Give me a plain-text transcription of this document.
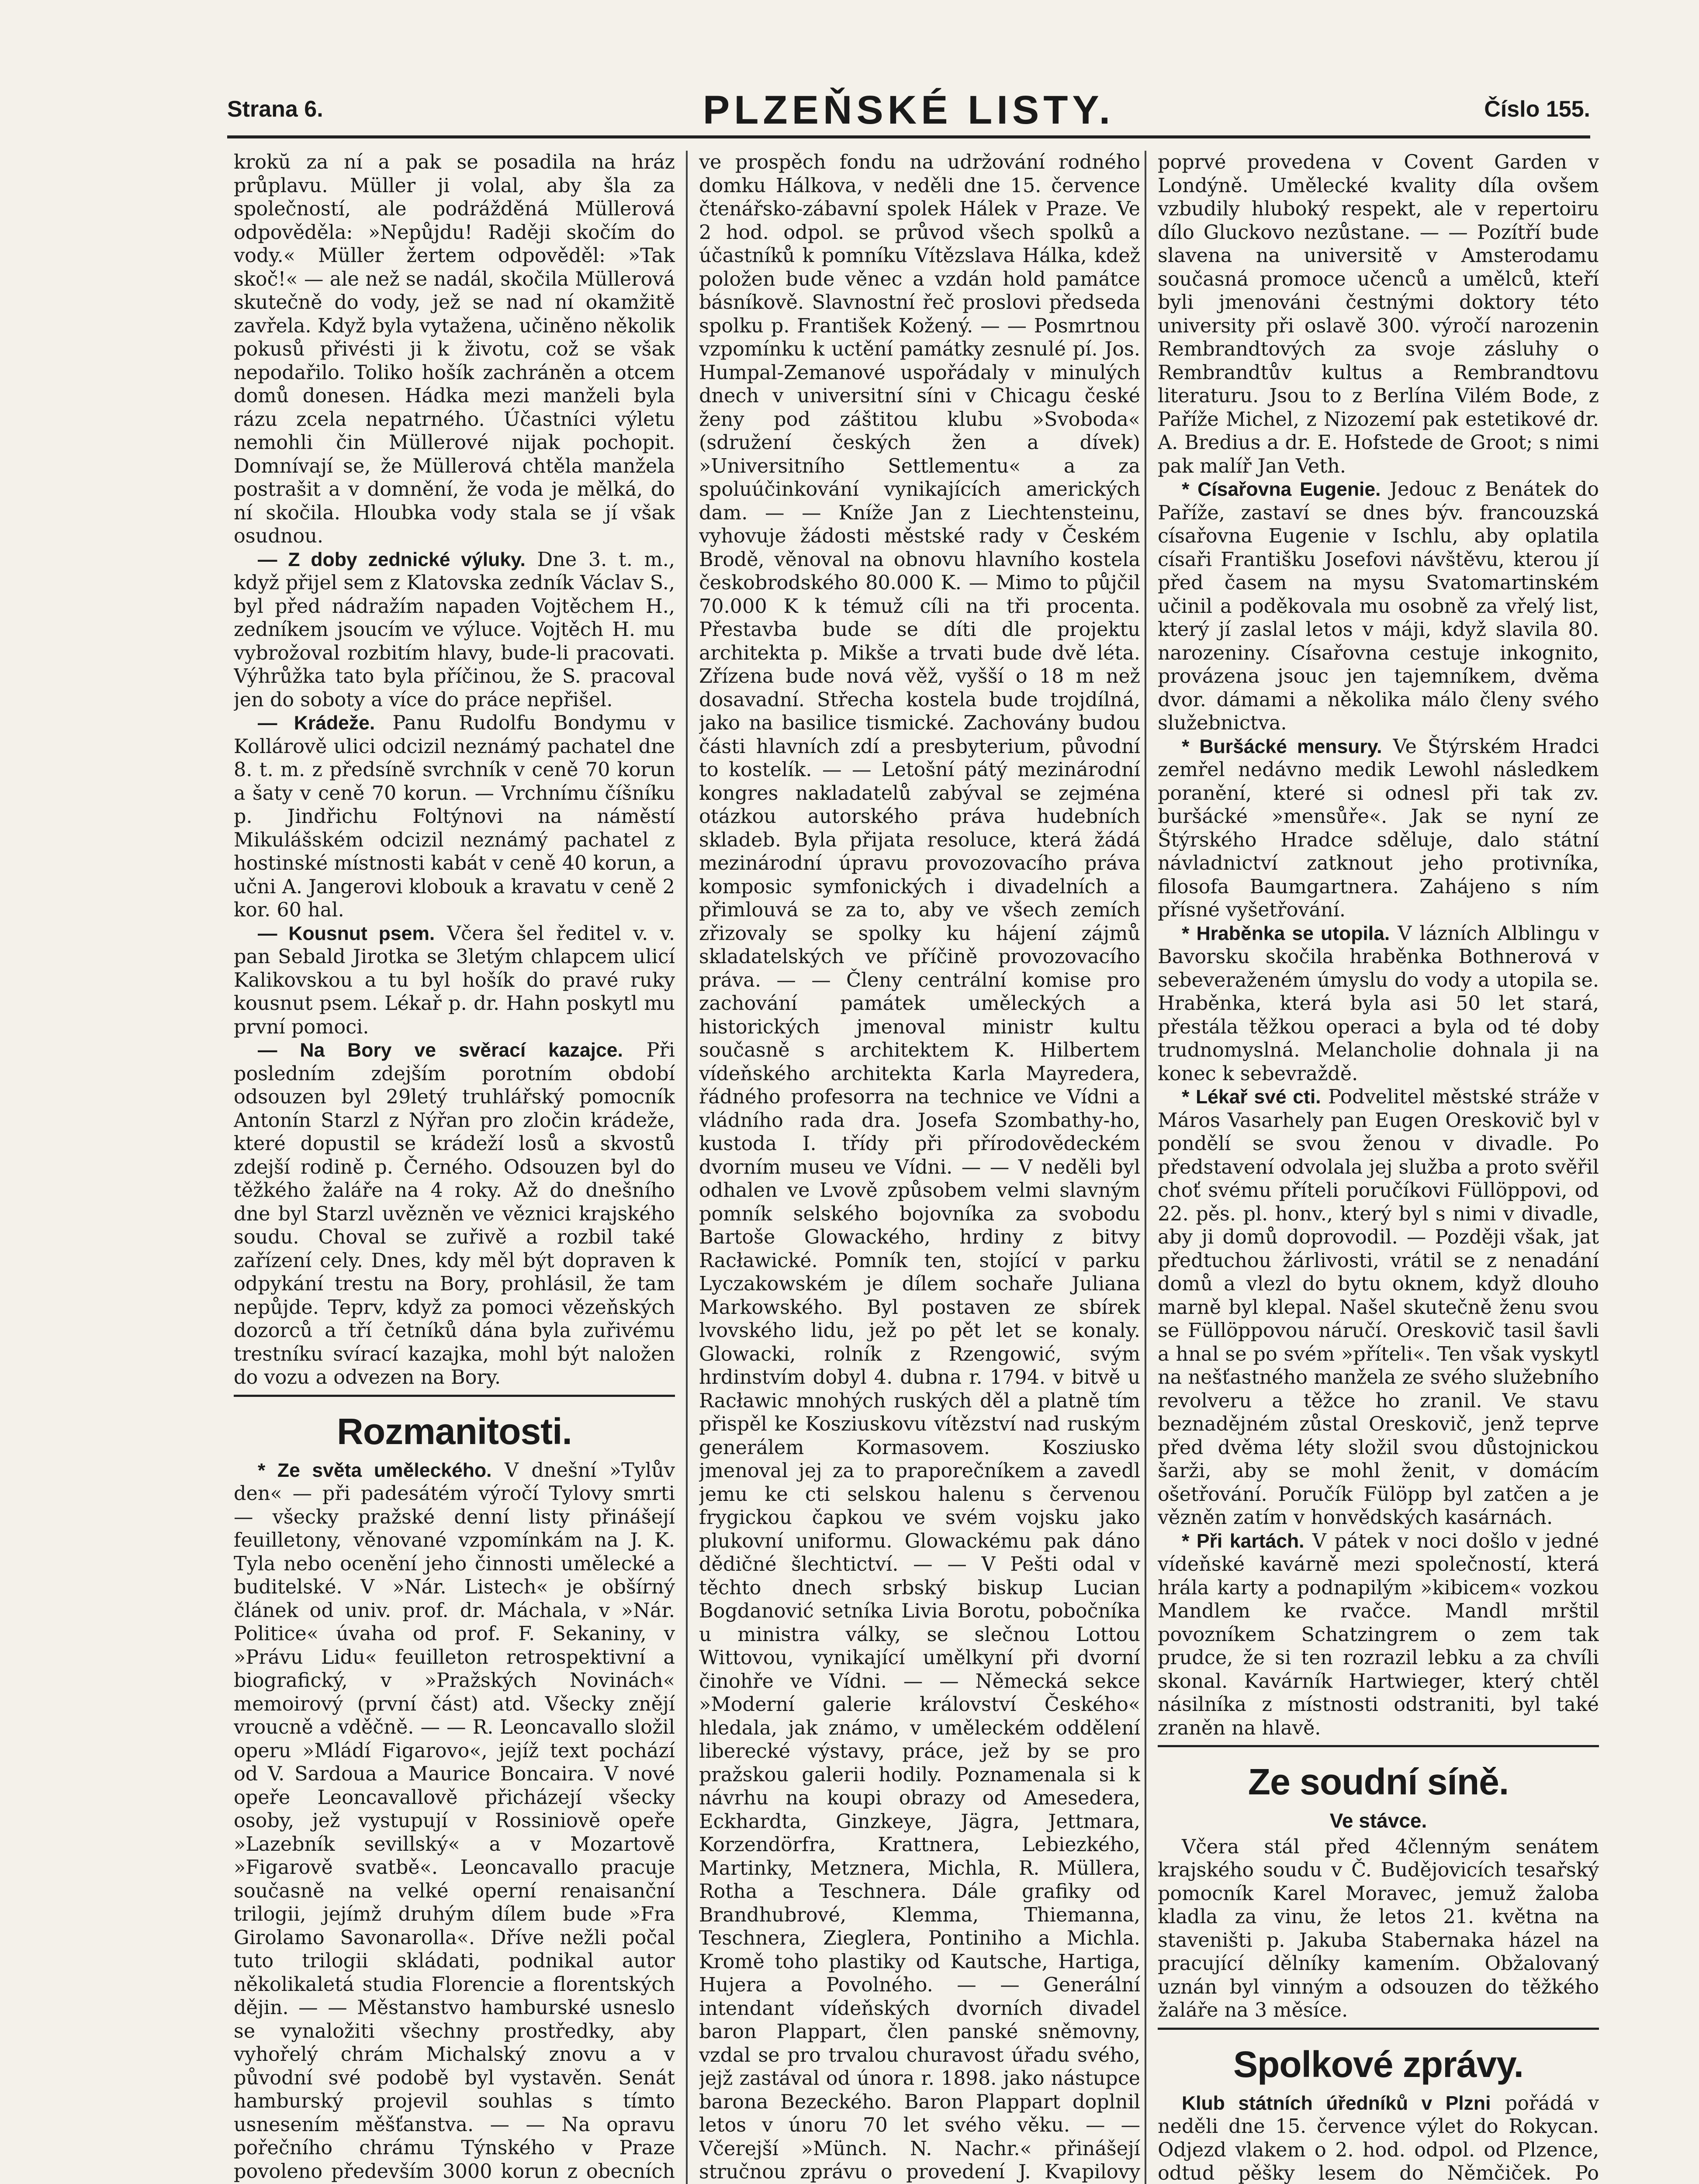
Strana 6.	PLZEŇSKÉ LISTY.	Číslo 155.

krokŭ za ní a pak se posadila na hráz průplavu. Müller ji volal, aby šla za společností, ale podrážděná Müllerová odpověděla: »Nepůjdu! Raději skočím do vody.« Müller žertem odpověděl: »Tak skoč!« — ale než se nadál, skočila Müllerová skutečně do vody, jež se nad ní okamžitě zavřela. Když byla vytažena, učiněno několik pokusů přivésti ji k životu, což se však nepodařilo. Toliko hošík zachráněn a otcem domů donesen. Hádka mezi manželi byla rázu zcela nepatrného. Účastníci výletu nemohli čin Müllerové nijak pochopit. Domnívají se, že Müllerová chtěla manžela postrašit a v domnění, že voda je mělká, do ní skočila. Hloubka vody stala se jí však osudnou.

— Z doby zednické výluky. Dne 3. t. m., když přijel sem z Klatovska zedník Václav S., byl před nádražím napaden Vojtěchem H., zedníkem jsoucím ve výluce. Vojtěch H. mu vybrožoval rozbitím hlavy, bude-li pracovati. Výhrůžka tato byla příčinou, že S. pracoval jen do soboty a více do práce nepřišel.

— Krádeže. Panu Rudolfu Bondymu v Kollárově ulici odcizil neznámý pachatel dne 8. t. m. z předsíně svrchník v ceně 70 korun a šaty v ceně 70 korun. — Vrchnímu číšníku p. Jindřichu Foltýnovi na náměstí Mikulášském odcizil neznámý pachatel z hostinské místnosti kabát v ceně 40 korun, a učni A. Jangerovi klobouk a kravatu v ceně 2 kor. 60 hal.

— Kousnut psem. Včera šel ředitel v. v. pan Sebald Jirotka se 3letým chlapcem ulicí Kalikovskou a tu byl hošík do pravé ruky kousnut psem. Lékař p. dr. Hahn poskytl mu první pomoci.

— Na Bory ve svěrací kazajce. Při posledním zdejším porotním období odsouzen byl 29letý truhlářský pomocník Antonín Starzl z Nýřan pro zločin krádeže, které dopustil se krádeží losů a skvostů zdejší rodině p. Černého. Odsouzen byl do těžkého žaláře na 4 roky. Až do dnešního dne byl Starzl uvězněn ve věznici krajského soudu. Choval se zuřivě a rozbil také zařízení cely. Dnes, kdy měl být dopraven k odpykání trestu na Bory, prohlásil, že tam nepůjde. Teprv, když za pomoci vězeňských dozorců a tří četníků dána byla zuřivému trestníku svírací kazajka, mohl být naložen do vozu a odvezen na Bory.

Rozmanitosti.

* Ze světa uměleckého. V dnešní »Tylův den« — při padesátém výročí Tylovy smrti — všecky pražské denní listy přinášejí feuilletony, věnované vzpomínkám na J. K. Tyla nebo ocenění jeho činnosti umělecké a buditelské. V »Nár. Listech« je obšírný článek od univ. prof. dr. Máchala, v »Nár. Politice« úvaha od prof. F. Sekaniny, v »Právu Lidu« feuilleton retrospektivní a biografický, v »Pražských Novinách« memoirový (první část) atd. Všecky znějí vroucně a vděčně. — — R. Leoncavallo složil operu »Mládí Figarovo«, jejíž text pochází od V. Sardoua a Maurice Boncaira. V nové opeře Leoncavallově přicházejí všecky osoby, jež vystupují v Rossiniově opeře »Lazebník sevillský« a v Mozartově »Figarově svatbě«. Leoncavallo pracuje současně na velké operní renaisanční trilogii, jejímž druhým dílem bude »Fra Girolamo Savonarolla«. Dříve nežli počal tuto trilogii skládati, podnikal autor několikaletá studia Florencie a florentských dějin. — — Městanstvo hamburské usneslo se vynaložiti všechny prostředky, aby vyhořelý chrám Michalský znovu a v původní své podobě byl vystavěn. Senát hamburský projevil souhlas s tímto usnesením měšťanstva. — — Na opravu pořečního chrámu Týnského v Praze povoleno především 3000 korun z obecních

ve prospěch fondu na udržování rodného domku Hálkova, v neděli dne 15. července čtenářsko-zábavní spolek Hálek v Praze. Ve 2 hod. odpol. se průvod všech spolků a účastníků k pomníku Vítězslava Hálka, kdež položen bude věnec a vzdán hold památce básníkově. Slavnostní řeč proslovi předseda spolku p. František Kožený. — — Posmrtnou vzpomínku k uctění památky zesnulé pí. Jos. Humpal-Zemanové uspořádaly v minulých dnech v universitní síni v Chicagu české ženy pod záštitou klubu »Svoboda« (sdružení českých žen a dívek) »Universitního Settlementu« a za spoluúčinkování vynikajících amerických dam. — — Kníže Jan z Liechtensteinu, vyhovuje žádosti městské rady v Českém Brodě, věnoval na obnovu hlavního kostela českobrodského 80.000 K. — Mimo to půjčil 70.000 K k témuž cíli na tři procenta. Přestavba bude se díti dle projektu architekta p. Mikše a trvati bude dvě léta. Zřízena bude nová věž, vyšší o 18 m než dosavadní. Střecha kostela bude trojdílná, jako na basilice tismické. Zachovány budou části hlavních zdí a presbyterium, původní to kostelík. — — Letošní pátý mezinárodní kongres nakladatelů zabýval se zejména otázkou autorského práva hudebních skladeb. Byla přijata resoluce, která žádá mezinárodní úpravu provozovacího práva komposic symfonických i divadelních a přimlouvá se za to, aby ve všech zemích zřizovaly se spolky ku hájení zájmů skladatelských ve příčině provozovacího práva. — — Členy centrální komise pro zachování památek uměleckých a historických jmenoval ministr kultu současně s architektem K. Hilbertem vídeňského architekta Karla Mayredera, řádného profesorra na technice ve Vídni a vládního rada dra. Josefa Szombathy-ho, kustoda I. třídy při přírodovědeckém dvorním museu ve Vídni. — — V neděli byl odhalen ve Lvově způsobem velmi slavným pomník selského bojovníka za svobodu Bartoše Glowackého, hrdiny z bitvy Racławické. Pomník ten, stojící v parku Lyczakowském je dílem sochaře Juliana Markowského. Byl postaven ze sbírek lvovského lidu, jež po pět let se konaly. Glowacki, rolník z Rzengowić, svým hrdinstvím dobyl 4. dubna r. 1794. v bitvě u Racławic mnohých ruských děl a platně tím přispěl ke Kosziuskovu vítězství nad ruským generálem Kormasovem. Kosziusko jmenoval jej za to praporečníkem a zavedl jemu ke cti selskou halenu s červenou frygickou čapkou ve svém vojsku jako plukovní uniformu. Glowackému pak dáno dědičné šlechtictví. — — V Pešti odal v těchto dnech srbský biskup Lucian Bogdanović setníka Livia Borotu, pobočníka u ministra války, se slečnou Lottou Wittovou, vynikající umělkyní při dvorní činohře ve Vídni. — — Německá sekce »Moderní galerie království Českého« hledala, jak známo, v uměleckém oddělení liberecké výstavy, práce, jež by se pro pražskou galerii hodily. Poznamenala si k návrhu na koupi obrazy od Amesedera, Eckhardta, Ginzkeye, Jägra, Jettmara, Korzendörfra, Krattnera, Lebiezkého, Martinky, Metznera, Michla, R. Müllera, Rotha a Teschnera. Dále grafiky od Brandhubrové, Klemma, Thiemanna, Teschnera, Zieglera, Pontiniho a Michla. Kromě toho plastiky od Kautsche, Hartiga, Hujera a Povolného. — — Generální intendant vídeňských dvorních divadel baron Plappart, člen panské sněmovny, vzdal se pro trvalou churavost úřadu svého, jejž zastával od února r. 1898. jako nástupce barona Bezeckého. Baron Plappart doplnil letos v únoru 70 let svého věku. — — Včerejší »Münch. N. Nachr.« přinášejí stručnou zprávu o provedení J. Kvapilovy

poprvé provedena v Covent Garden v Londýně. Umělecké kvality díla ovšem vzbudily hluboký respekt, ale v repertoiru dílo Gluckovo nezůstane. — — Pozítří bude slavena na universitě v Amsterodamu současná promoce učenců a umělců, kteří byli jmenováni čestnými doktory této university při oslavě 300. výročí narozenin Rembrandtových za svoje zásluhy o Rembrandtův kultus a Rembrandtovu literaturu. Jsou to z Berlína Vilém Bode, z Paříže Michel, z Nizozemí pak estetikové dr. A. Bredius a dr. E. Hofstede de Groot; s nimi pak malíř Jan Veth.

* Císařovna Eugenie. Jedouc z Benátek do Paříže, zastaví se dnes býv. francouzská císařovna Eugenie v Ischlu, aby oplatila císaři Františku Josefovi návštěvu, kterou jí před časem na mysu Svatomartinském učinil a poděkovala mu osobně za vřelý list, který jí zaslal letos v máji, když slavila 80. narozeniny. Císařovna cestuje inkognito, provázena jsouc jen tajemníkem, dvěma dvor. dámami a několika málo členy svého služebnictva.

* Buršácké mensury. Ve Štýrském Hradci zemřel nedávno medik Lewohl následkem poranění, které si odnesl při tak zv. buršácké »mensůře«. Jak se nyní ze Štýrského Hradce sděluje, dalo státní návladnictví zatknout jeho protivníka, filosofa Baumgartnera. Zahájeno s ním přísné vyšetřování.

* Hraběnka se utopila. V lázních Alblingu v Bavorsku skočila hraběnka Bothnerová v sebeveraženém úmyslu do vody a utopila se. Hraběnka, která byla asi 50 let stará, přestála těžkou operaci a byla od té doby trudnomyslná. Melancholie dohnala ji na konec k sebevraždě.

* Lékař své cti. Podvelitel městské stráže v Máros Vasarhely pan Eugen Oreskovič byl v pondělí se svou ženou v divadle. Po představení odvolala jej služba a proto svěřil choť svému příteli poručíkovi Füllöppovi, od 22. pěs. pl. honv., který byl s nimi v divadle, aby ji domů doprovodil. — Později však, jat předtuchou žárlivosti, vrátil se z nenadání domů a vlezl do bytu oknem, když dlouho marně byl klepal. Našel skutečně ženu svou se Füllöppovou náručí. Oreskovič tasil šavli a hnal se po svém »příteli«. Ten však vyskytl na nešťastného manžela ze svého služebního revolveru a těžce ho zranil. Ve stavu beznadějném zůstal Oreskovič, jenž teprve před dvěma léty složil svou důstojnickou šarži, aby se mohl ženit, v domácím ošetřování. Poručík Fülöpp byl zatčen a je vězněn zatím v honvědských kasárnách.

* Při kartách. V pátek v noci došlo v jedné vídeňské kavárně mezi společností, která hrála karty a podnapilým »kibicem« vozkou Mandlem ke rvačce. Mandl mrštil povozníkem Schatzingrem o zem tak prudce, že si ten rozrazil lebku a za chvíli skonal. Kavárník Hartwieger, který chtěl násilníka z místnosti odstraniti, byl také zraněn na hlavě.

Ze soudní síně.
Ve stávce.

Včera stál před 4členným senátem krajského soudu v Č. Budějovicích tesařský pomocník Karel Moravec, jemuž žaloba kladla za vinu, že letos 21. května na staveništi p. Jakuba Stabernaka házel na pracující dělníky kamením. Obžalovaný uznán byl vinným a odsouzen do těžkého žaláře na 3 měsíce.

Spolkové zprávy.

Klub státních úředníků v Plzni pořádá v neděli dne 15. července výlet do Rokycan. Odjezd vlakem o 2. hod. odpol. od Plzence, odtud pěšky lesem do Němčiček. Po
